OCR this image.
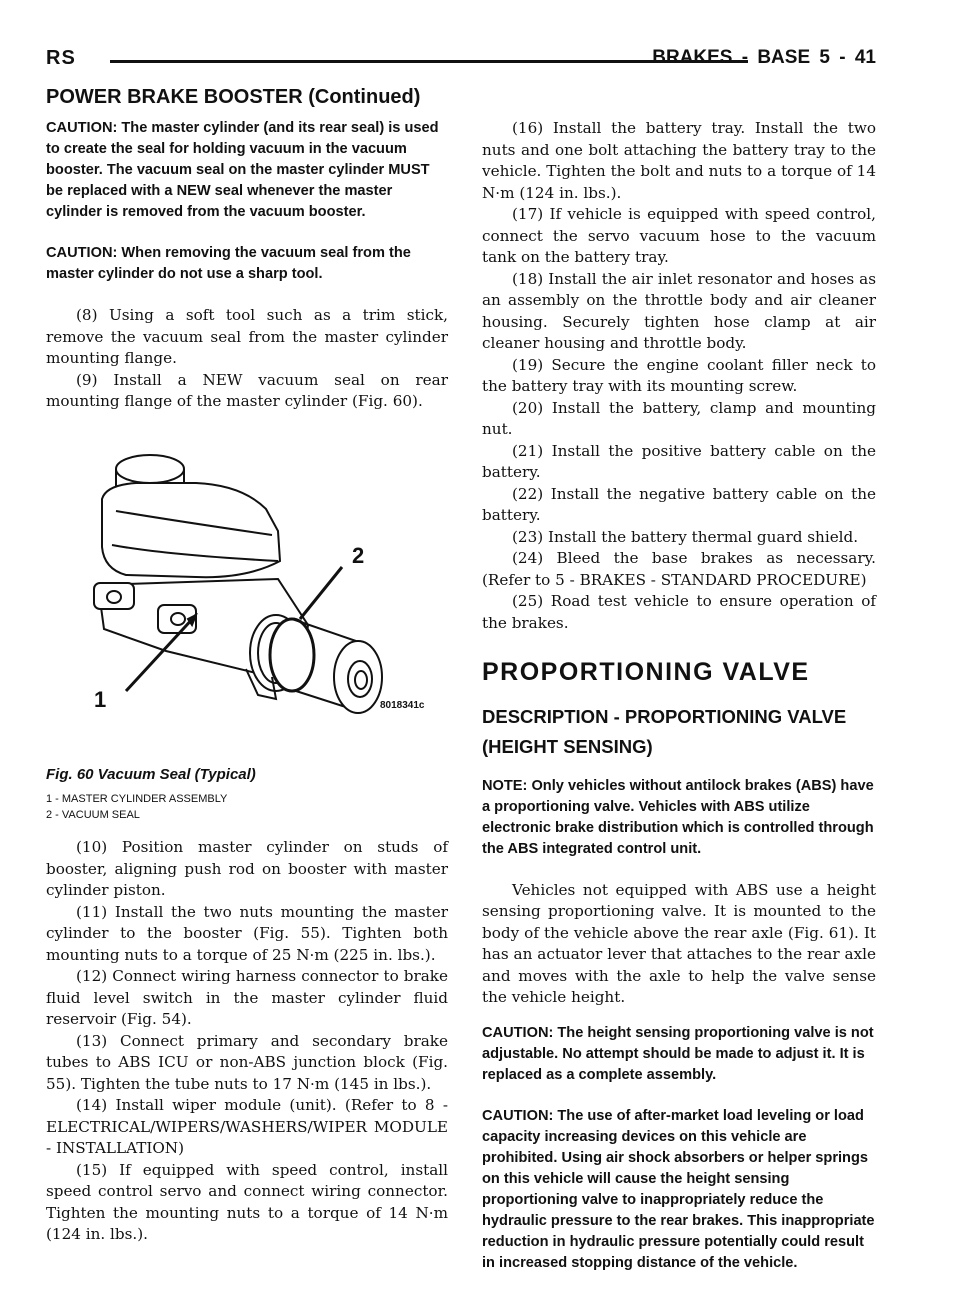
RS	BRAKES - BASE 5 - 41
POWER BRAKE BOOSTER (Continued)

CAUTION: The master cylinder (and its rear seal) is used to create the seal for holding vacuum in the vacuum booster. The vacuum seal on the master cylinder MUST be replaced with a NEW seal whenever the master cylinder is removed from the vacuum booster.

CAUTION: When removing the vacuum seal from the master cylinder do not use a sharp tool.

(8) Using a soft tool such as a trim stick, remove the vacuum seal from the master cylinder mounting flange.

(9) Install a NEW vacuum seal on rear mounting flange of the master cylinder (Fig. 60).

1
2
8018341c
Fig. 60 Vacuum Seal (Typical)
1 - MASTER CYLINDER ASSEMBLY
2 - VACUUM SEAL

(10) Position master cylinder on studs of booster, aligning push rod on booster with master cylinder piston.

(11) Install the two nuts mounting the master cylinder to the booster (Fig. 55). Tighten both mounting nuts to a torque of 25 N·m (225 in. lbs.).

(12) Connect wiring harness connector to brake fluid level switch in the master cylinder fluid reservoir (Fig. 54).

(13) Connect primary and secondary brake tubes to ABS ICU or non-ABS junction block (Fig. 55). Tighten the tube nuts to 17 N·m (145 in lbs.).

(14) Install wiper module (unit). (Refer to 8 - ELECTRICAL/WIPERS/WASHERS/WIPER MODULE - INSTALLATION)

(15) If equipped with speed control, install speed control servo and connect wiring connector. Tighten the mounting nuts to a torque of 14 N·m (124 in. lbs.).

(16) Install the battery tray. Install the two nuts and one bolt attaching the battery tray to the vehicle. Tighten the bolt and nuts to a torque of 14 N·m (124 in. lbs.).

(17) If vehicle is equipped with speed control, connect the servo vacuum hose to the vacuum tank on the battery tray.

(18) Install the air inlet resonator and hoses as an assembly on the throttle body and air cleaner housing. Securely tighten hose clamp at air cleaner housing and throttle body.

(19) Secure the engine coolant filler neck to the battery tray with its mounting screw.

(20) Install the battery, clamp and mounting nut.

(21) Install the positive battery cable on the battery.

(22) Install the negative battery cable on the battery.

(23) Install the battery thermal guard shield.

(24) Bleed the base brakes as necessary. (Refer to 5 - BRAKES - STANDARD PROCEDURE)

(25) Road test vehicle to ensure operation of the brakes.

PROPORTIONING VALVE
DESCRIPTION - PROPORTIONING VALVE (HEIGHT SENSING)

NOTE: Only vehicles without antilock brakes (ABS) have a proportioning valve. Vehicles with ABS utilize electronic brake distribution which is controlled through the ABS integrated control unit.

Vehicles not equipped with ABS use a height sensing proportioning valve. It is mounted to the body of the vehicle above the rear axle (Fig. 61). It has an actuator lever that attaches to the rear axle and moves with the axle to help the valve sense the vehicle height.

CAUTION: The height sensing proportioning valve is not adjustable. No attempt should be made to adjust it. It is replaced as a complete assembly.

CAUTION: The use of after-market load leveling or load capacity increasing devices on this vehicle are prohibited. Using air shock absorbers or helper springs on this vehicle will cause the height sensing proportioning valve to inappropriately reduce the hydraulic pressure to the rear brakes. This inappropriate reduction in hydraulic pressure potentially could result in increased stopping distance of the vehicle.
